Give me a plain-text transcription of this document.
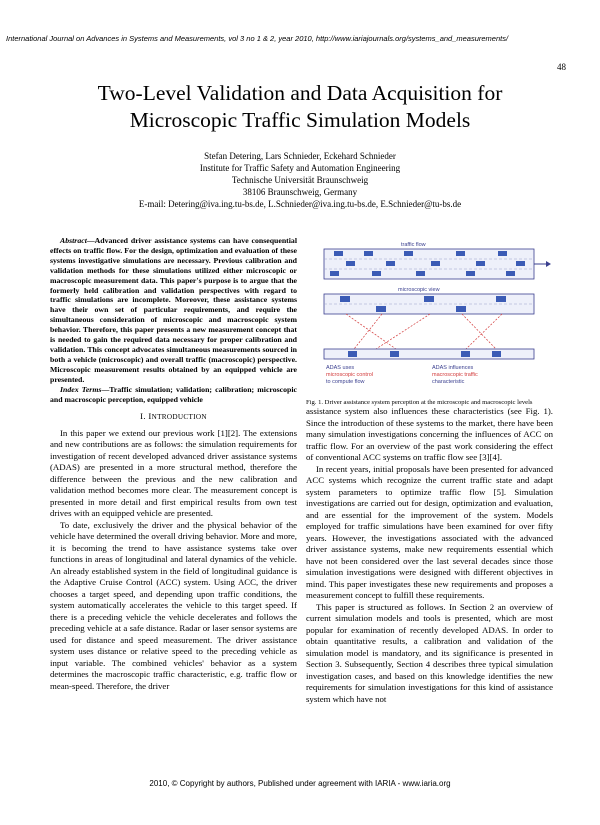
International Journal on Advances in Systems and Measurements, vol 3 no 1 & 2, year 2010, http://www.iariajournals.org/systems_and_measurements/
48
Two-Level Validation and Data Acquisition for
Microscopic Traffic Simulation Models
Stefan Detering, Lars Schnieder, Eckehard Schnieder
Institute for Traffic Safety and Automation Engineering
Technische Universität Braunschweig
38106 Braunschweig, Germany
E-mail: Detering@iva.ing.tu-bs.de, L.Schnieder@iva.ing.tu-bs.de, E.Schnieder@tu-bs.de

Abstract—Advanced driver assistance systems can have consequential effects on traffic flow. For the design, optimization and evaluation of these systems investigative simulations are necessary. Previous calibration and validation methods for these simulations utilized either microscopic or macroscopic measurement data. This paper's purpose is to argue that the formerly held calibration and validation perspectives with regard to traffic simulations are incomplete. Moreover, these assistance systems have their own set of particular requirements, and require the simultaneous consideration of microscopic and macroscopic system behavior. Therefore, this paper presents a new measurement concept that is needed to gain the required data necessary for proper calibration and validation. This concept advocates simultaneous measurements sourced in both a vehicle (microscopic) and overall traffic (macroscopic) perspective. Microscopic measurement results obtained by an equipped vehicle are presented.

Index Terms—Traffic simulation; validation; calibration; microscopic and macroscopic perception, equipped vehicle

I. INTRODUCTION

In this paper we extend our previous work [1][2]. The extensions and new contributions are as follows: the simulation requirements for investigation of recent developed advanced driver assistance systems (ADAS) are presented in a more structural method, therefore the difference between the previous and the new calibration and validation method becomes more clear. The measurement concept is presented in more detail and first empirical results from own test drives with an equipped vehicle are presented.

To date, exclusively the driver and the physical behavior of the vehicle have determined the overall driving behavior. More and more, it is becoming the trend to have assistance systems take over functions in areas of longitudinal and lateral dynamics of the vehicle. An already established system in the field of longitudinal guidance is the Adaptive Cruise Control (ACC) system. Using ACC, the driver chooses a target speed, and depending upon traffic conditions, the system automatically accelerates the vehicle to this target speed. If there is a preceding vehicle the vehicle decelerates and follows the preceding vehicle at a safe distance. Radar or laser sensor systems are used for distance and speed measurement. The driver assistance system uses distance or relative speed to the preceding vehicle as input variable. The combined vehicles' behavior as a system determines the macroscopic traffic characteristic, e.g. traffic flow or mean-speed. Therefore, the driver

traffic flow
microscopic view
ADAS uses microscopic control to compute flow
ADAS influences macroscopic traffic characteristic

Fig. 1. Driver assistance system perception at the microscopic and macroscopic levels

assistance system also influences these characteristics (see Fig. 1). Since the introduction of these systems to the market, there have been many simulation investigations concerning the influences of ACC on traffic flow. For an overview of the past work considering the effect of conventional ACC systems on traffic flow see [3][4].

In recent years, initial proposals have been presented for advanced ACC systems which recognize the current traffic state and adapt system parameters to optimize traffic flow [5]. Simulation investigations are carried out for design, optimization and evaluation, and are essential for the improvement of the system. Models employed for traffic simulations have been examined for over fifty years. However, the investigations associated with the advanced driver assistance systems, make new requirements essential which have not been considered over the last several decades since those simulation investigations were designed with different objectives in mind. This paper investigates these new requirements and proposes a measurement concept to fulfill these requirements.

This paper is structured as follows. In Section 2 an overview of current simulation models and tools is presented, which are most popular for examination of recently developed ADAS. In order to obtain quantitative results, a calibration and validation of the simulation model is mandatory, and its significance is presented in Section 3. Subsequently, Section 4 describes three typical simulation investigation cases, and based on this knowledge identifies the new requirements for simulation investigations for this kind of assistance system which have not

2010, © Copyright by authors, Published under agreement with IARIA - www.iaria.org
